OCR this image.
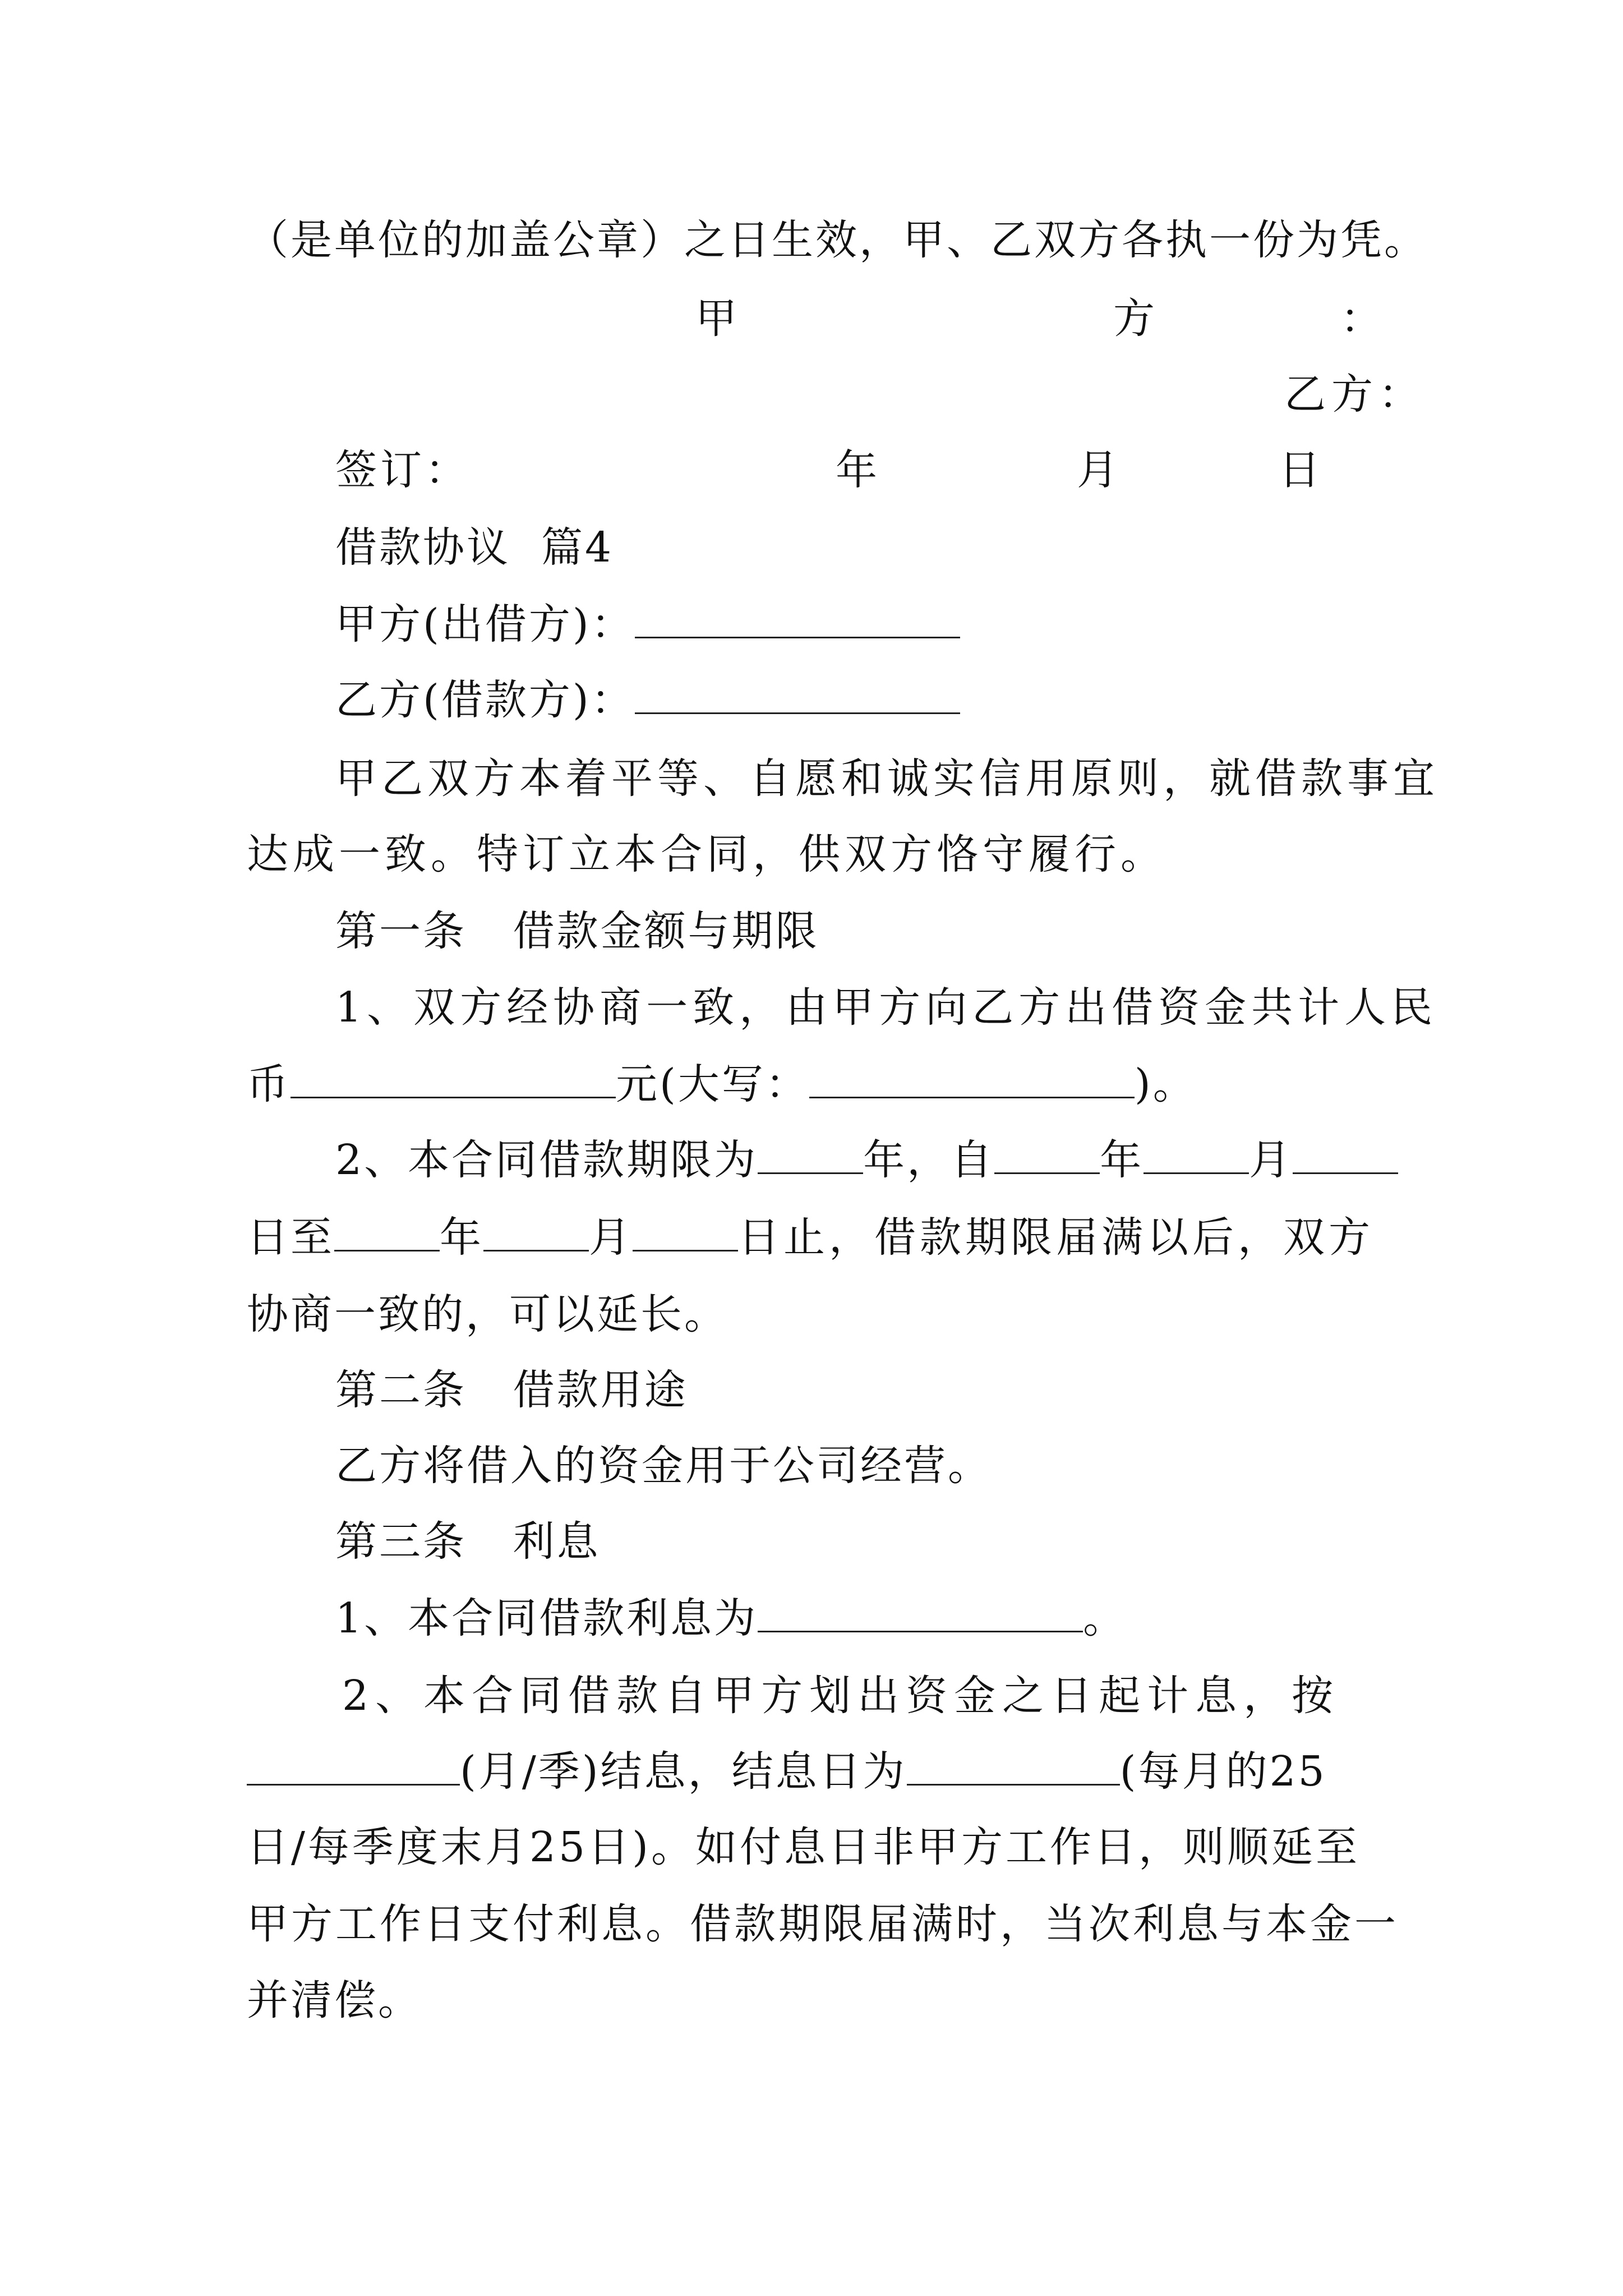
（是单位的加盖公章）之日生效，甲、乙双方各执一份为凭。
甲	方	：
乙方：
签订：	年	月	日
借款协议  篇4
甲方(出借方)：
乙方(借款方)：
甲乙双方本着平等、自愿和诚实信用原则，就借款事宜
达成一致。特订立本合同，供双方恪守履行。
第一条   借款金额与期限
1、双方经协商一致，由甲方向乙方出借资金共计人民
币	元(大写：	)。
2、本合同借款期限为	年，自	年	月
日至	年	月	日止，借款期限届满以后，双方
协商一致的，可以延长。
第二条   借款用途
乙方将借入的资金用于公司经营。
第三条   利息
1、本合同借款利息为	。
2、本合同借款自甲方划出资金之日起计息，按
(月/季)结息，结息日为	(每月的25
日/每季度末月25日)。如付息日非甲方工作日，则顺延至
甲方工作日支付利息。借款期限届满时，当次利息与本金一
并清偿。
